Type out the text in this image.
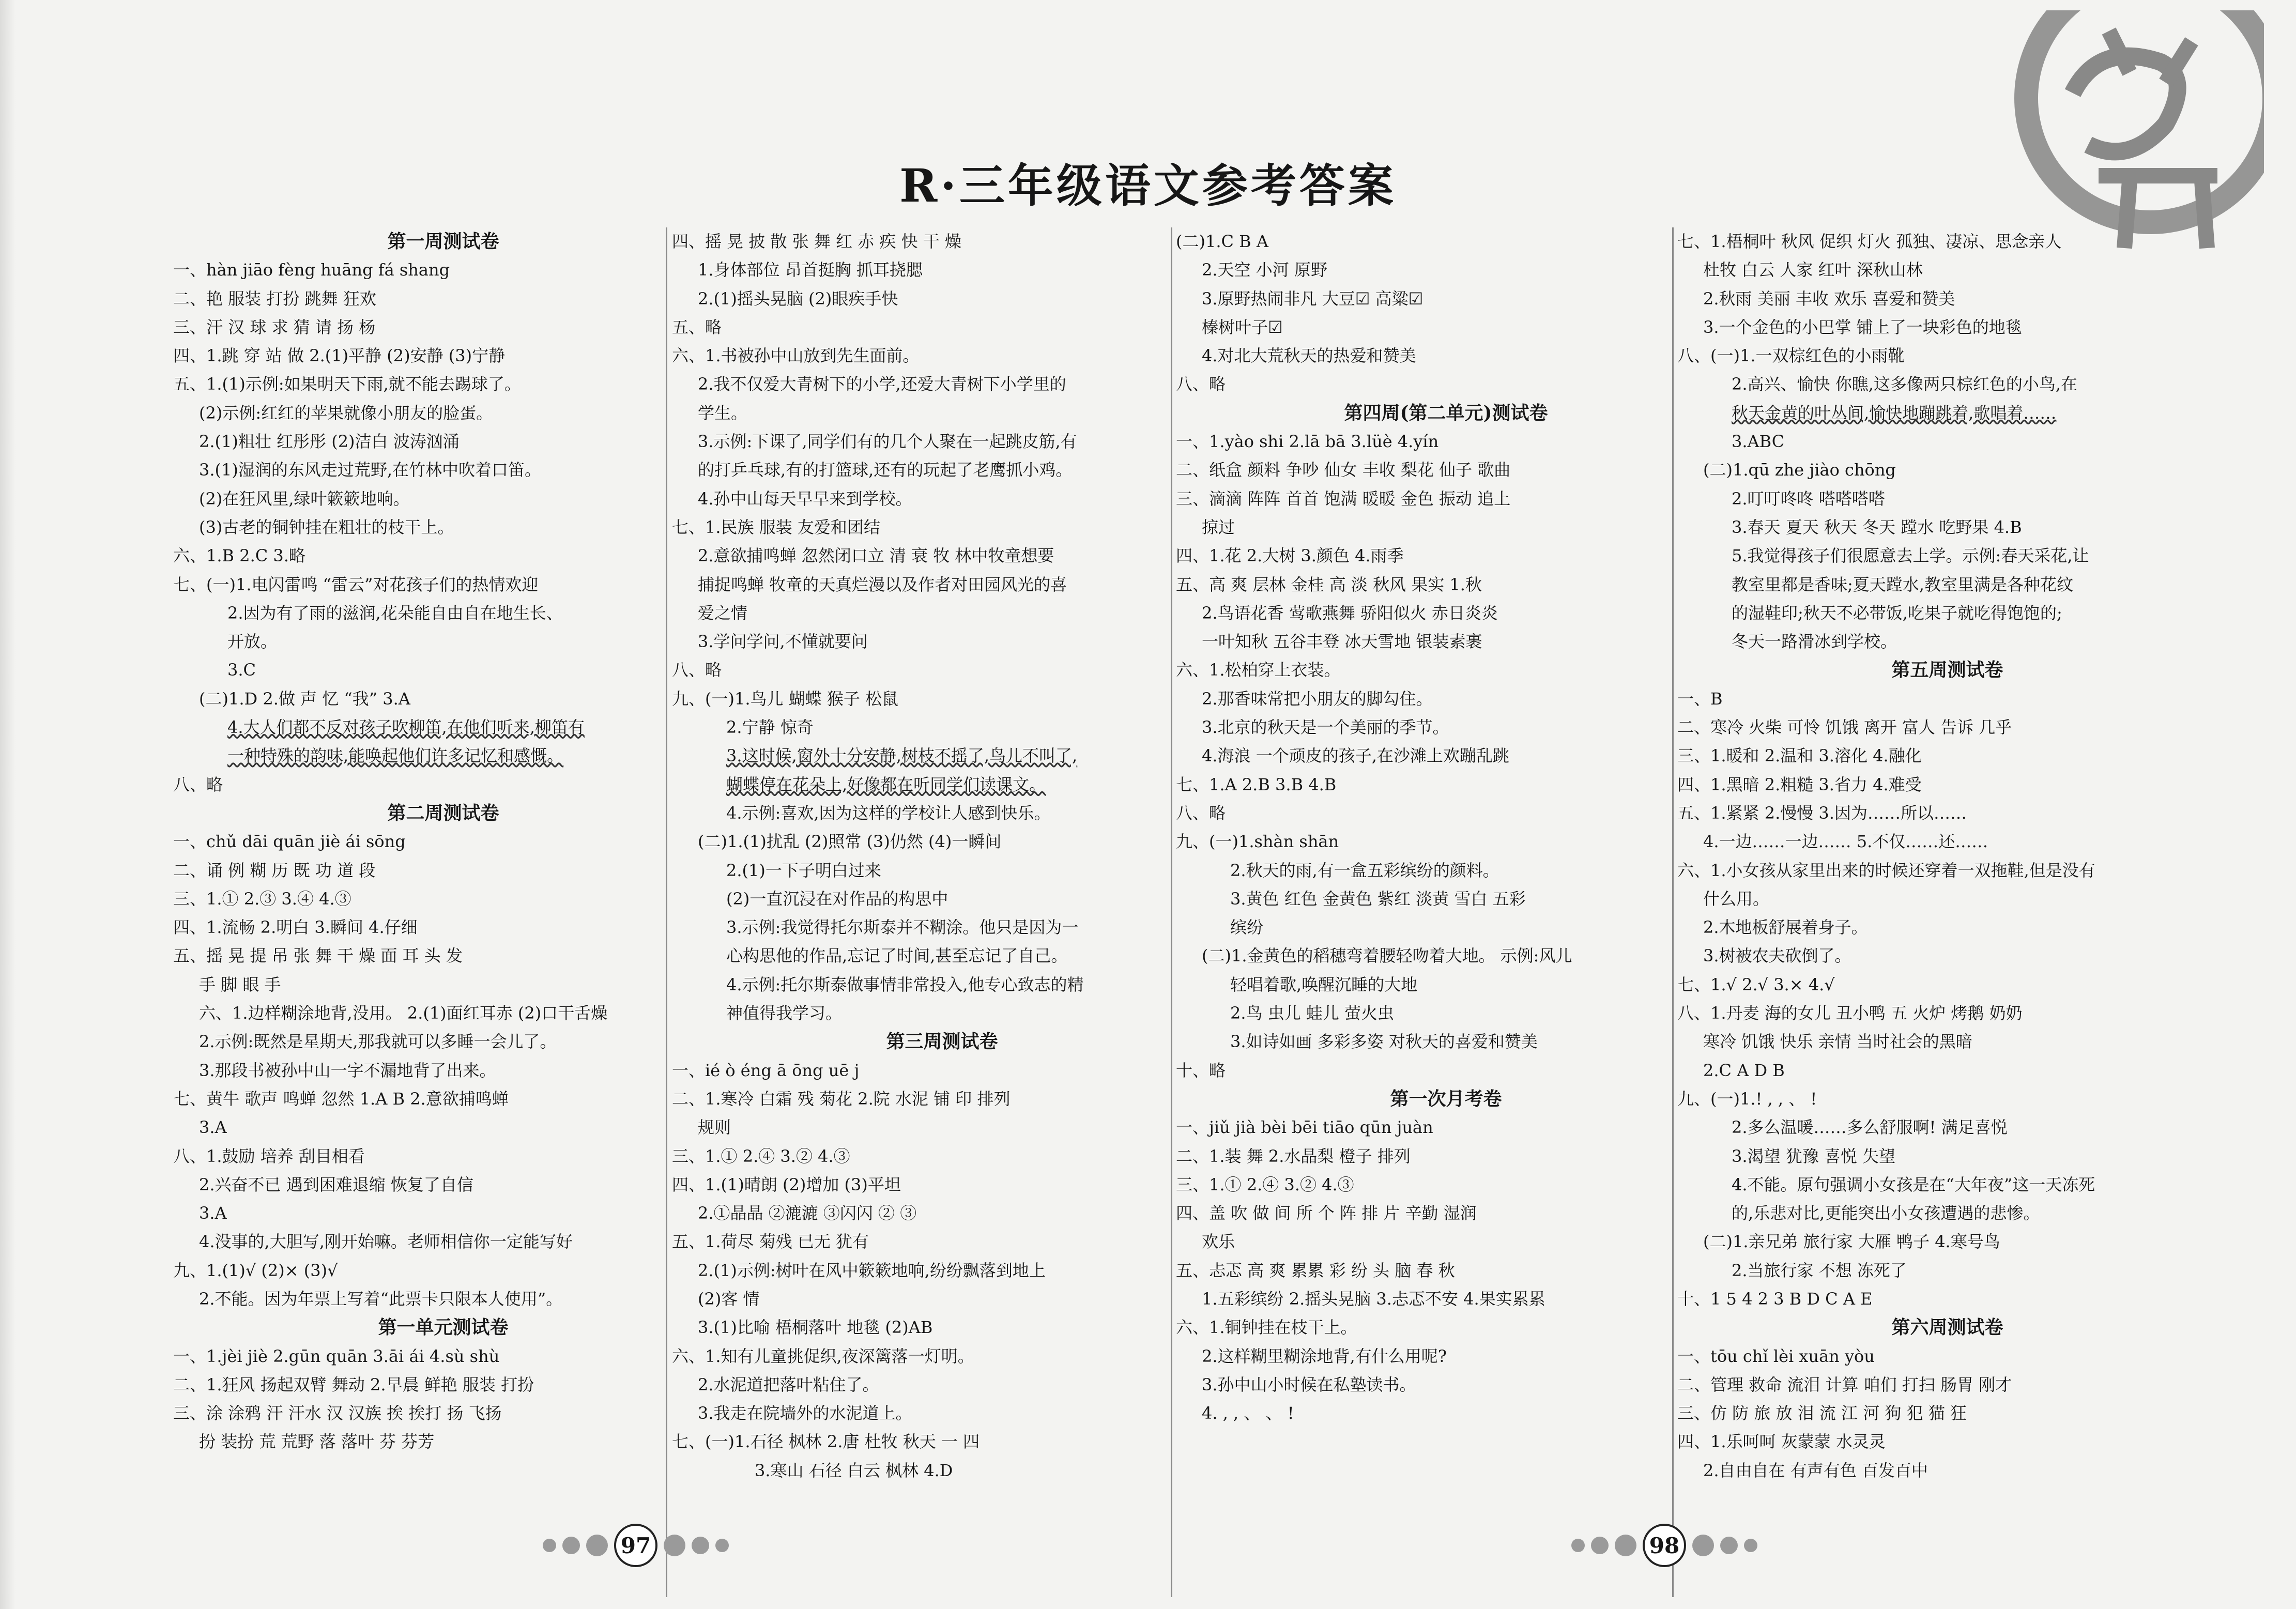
R·三年级语文参考答案
第一周测试卷
一、hàn jiāo fèng huāng fá shang
二、艳 服装 打扮 跳舞 狂欢
三、汗 汉 球 求 猜 请 扬 杨
四、1.跳 穿 站 做 2.(1)平静 (2)安静 (3)宁静
五、1.(1)示例:如果明天下雨,就不能去踢球了。
(2)示例:红红的苹果就像小朋友的脸蛋。
2.(1)粗壮 红彤彤 (2)洁白 波涛汹涌
3.(1)湿润的东风走过荒野,在竹林中吹着口笛。
(2)在狂风里,绿叶簌簌地响。
(3)古老的铜钟挂在粗壮的枝干上。
六、1.B 2.C 3.略
七、(一)1.电闪雷鸣 “雷云”对花孩子们的热情欢迎
2.因为有了雨的滋润,花朵能自由自在地生长、
开放。
3.C
(二)1.D 2.做 声 忆 “我” 3.A
4.大人们都不反对孩子吹柳笛,在他们听来,柳笛有
一种特殊的韵味,能唤起他们许多记忆和感慨。
八、略
第二周测试卷
一、chǔ dāi quān jiè ái sōng
二、诵 例 糊 历 既 功 道 段
三、1.① 2.③ 3.④ 4.③
四、1.流畅 2.明白 3.瞬间 4.仔细
五、摇 晃 提 吊 张 舞 干 燥 面 耳 头 发
手 脚 眼 手
六、1.边样糊涂地背,没用。 2.(1)面红耳赤 (2)口干舌燥
2.示例:既然是星期天,那我就可以多睡一会儿了。
3.那段书被孙中山一字不漏地背了出来。
七、黄牛 歌声 鸣蝉 忽然 1.A B 2.意欲捕鸣蝉
3.A
八、1.鼓励 培养 刮目相看
2.兴奋不已 遇到困难退缩 恢复了自信
3.A
4.没事的,大胆写,刚开始嘛。老师相信你一定能写好
九、1.(1)√ (2)× (3)√
2.不能。因为年票上写着“此票卡只限本人使用”。
第一单元测试卷
一、1.jèi jiè 2.gūn quān 3.āi ái 4.sù shù
二、1.狂风 扬起双臂 舞动 2.早晨 鲜艳 服装 打扮
三、涂 涂鸦 汗 汗水 汉 汉族 挨 挨打 扬 飞扬
扮 装扮 荒 荒野 落 落叶 芬 芬芳
四、摇 晃 披 散 张 舞 红 赤 疾 快 干 燥
1.身体部位 昂首挺胸 抓耳挠腮
2.(1)摇头晃脑 (2)眼疾手快
五、略
六、1.书被孙中山放到先生面前。
2.我不仅爱大青树下的小学,还爱大青树下小学里的
学生。
3.示例:下课了,同学们有的几个人聚在一起跳皮筋,有
的打乒乓球,有的打篮球,还有的玩起了老鹰抓小鸡。
4.孙中山每天早早来到学校。
七、1.民族 服装 友爱和团结
2.意欲捕鸣蝉 忽然闭口立 清 衰 牧 林中牧童想要
捕捉鸣蝉 牧童的天真烂漫以及作者对田园风光的喜
爱之情
3.学问学问,不懂就要问
八、略
九、(一)1.鸟儿 蝴蝶 猴子 松鼠
2.宁静 惊奇
3.这时候,窗外十分安静,树枝不摇了,鸟儿不叫了,
蝴蝶停在花朵上,好像都在听同学们读课文。
4.示例:喜欢,因为这样的学校让人感到快乐。
(二)1.(1)扰乱 (2)照常 (3)仍然 (4)一瞬间
2.(1)一下子明白过来
(2)一直沉浸在对作品的构思中
3.示例:我觉得托尔斯泰并不糊涂。他只是因为一
心构思他的作品,忘记了时间,甚至忘记了自己。
4.示例:托尔斯泰做事情非常投入,他专心致志的精
神值得我学习。
第三周测试卷
一、ié ò éng ā ōng uē j
二、1.寒冷 白霜 残 菊花 2.院 水泥 铺 印 排列
规则
三、1.① 2.④ 3.② 4.③
四、1.(1)晴朗 (2)增加 (3)平坦
2.①晶晶 ②漉漉 ③闪闪 ② ③
五、1.荷尽 菊残 已无 犹有
2.(1)示例:树叶在风中簌簌地响,纷纷飘落到地上
(2)客 情
3.(1)比喻 梧桐落叶 地毯 (2)AB
六、1.知有儿童挑促织,夜深篱落一灯明。
2.水泥道把落叶粘住了。
3.我走在院墙外的水泥道上。
七、(一)1.石径 枫林 2.唐 杜牧 秋天 一 四
3.寒山 石径 白云 枫林 4.D
(二)1.C B A
2.天空 小河 原野
3.原野热闹非凡 大豆☑ 高粱☑
榛树叶子☑
4.对北大荒秋天的热爱和赞美
八、略
第四周(第二单元)测试卷
一、1.yào shi 2.lā bā 3.lüè 4.yín
二、纸盒 颜料 争吵 仙女 丰收 梨花 仙子 歌曲
三、滴滴 阵阵 首首 饱满 暖暖 金色 振动 追上
掠过
四、1.花 2.大树 3.颜色 4.雨季
五、高 爽 层林 金桂 高 淡 秋风 果实 1.秋
2.鸟语花香 莺歌燕舞 骄阳似火 赤日炎炎
一叶知秋 五谷丰登 冰天雪地 银装素裹
六、1.松柏穿上衣装。
2.那香味常把小朋友的脚勾住。
3.北京的秋天是一个美丽的季节。
4.海浪 一个顽皮的孩子,在沙滩上欢蹦乱跳
七、1.A 2.B 3.B 4.B
八、略
九、(一)1.shàn shān
2.秋天的雨,有一盒五彩缤纷的颜料。
3.黄色 红色 金黄色 紫红 淡黄 雪白 五彩
缤纷
(二)1.金黄色的稻穗弯着腰轻吻着大地。 示例:风儿
轻唱着歌,唤醒沉睡的大地
2.鸟 虫儿 蛙儿 萤火虫
3.如诗如画 多彩多姿 对秋天的喜爱和赞美
十、略
第一次月考卷
一、jiǔ jià bèi bēi tiāo qūn juàn
二、1.装 舞 2.水晶梨 橙子 排列
三、1.① 2.④ 3.② 4.③
四、盖 吹 做 间 所 个 阵 排 片 辛勤 湿润
欢乐
五、忐忑 高 爽 累累 彩 纷 头 脑 春 秋
1.五彩缤纷 2.摇头晃脑 3.忐忑不安 4.果实累累
六、1.铜钟挂在枝干上。
2.这样糊里糊涂地背,有什么用呢?
3.孙中山小时候在私塾读书。
4. , , 、 、 !
七、1.梧桐叶 秋风 促织 灯火 孤独、凄凉、思念亲人
杜牧 白云 人家 红叶 深秋山林
2.秋雨 美丽 丰收 欢乐 喜爱和赞美
3.一个金色的小巴掌 铺上了一块彩色的地毯
八、(一)1.一双棕红色的小雨靴
2.高兴、愉快 你瞧,这多像两只棕红色的小鸟,在
秋天金黄的叶丛间,愉快地蹦跳着,歌唱着……
3.ABC
(二)1.qū zhe jiào chōng
2.叮叮咚咚 嗒嗒嗒嗒
3.春天 夏天 秋天 冬天 蹚水 吃野果 4.B
5.我觉得孩子们很愿意去上学。示例:春天采花,让
教室里都是香味;夏天蹚水,教室里满是各种花纹
的湿鞋印;秋天不必带饭,吃果子就吃得饱饱的;
冬天一路滑冰到学校。
第五周测试卷
一、B
二、寒冷 火柴 可怜 饥饿 离开 富人 告诉 几乎
三、1.暖和 2.温和 3.溶化 4.融化
四、1.黑暗 2.粗糙 3.省力 4.难受
五、1.紧紧 2.慢慢 3.因为……所以……
4.一边……一边…… 5.不仅……还……
六、1.小女孩从家里出来的时候还穿着一双拖鞋,但是没有
什么用。
2.木地板舒展着身子。
3.树被农夫砍倒了。
七、1.√ 2.√ 3.× 4.√
八、1.丹麦 海的女儿 丑小鸭 五 火炉 烤鹅 奶奶
寒冷 饥饿 快乐 亲情 当时社会的黑暗
2.C A D B
九、(一)1.! , , 、 !
2.多么温暖……多么舒服啊! 满足喜悦
3.渴望 犹豫 喜悦 失望
4.不能。原句强调小女孩是在“大年夜”这一天冻死
的,乐悲对比,更能突出小女孩遭遇的悲惨。
(二)1.亲兄弟 旅行家 大雁 鸭子 4.寒号鸟
2.当旅行家 不想 冻死了
十、1 5 4 2 3 B D C A E
第六周测试卷
一、tōu chǐ lèi xuān yòu
二、管理 救命 流泪 计算 咱们 打扫 肠胃 刚才
三、仿 防 旅 放 泪 流 江 河 狗 犯 猫 狂
四、1.乐呵呵 灰蒙蒙 水灵灵
2.自由自在 有声有色 百发百中
97	98
